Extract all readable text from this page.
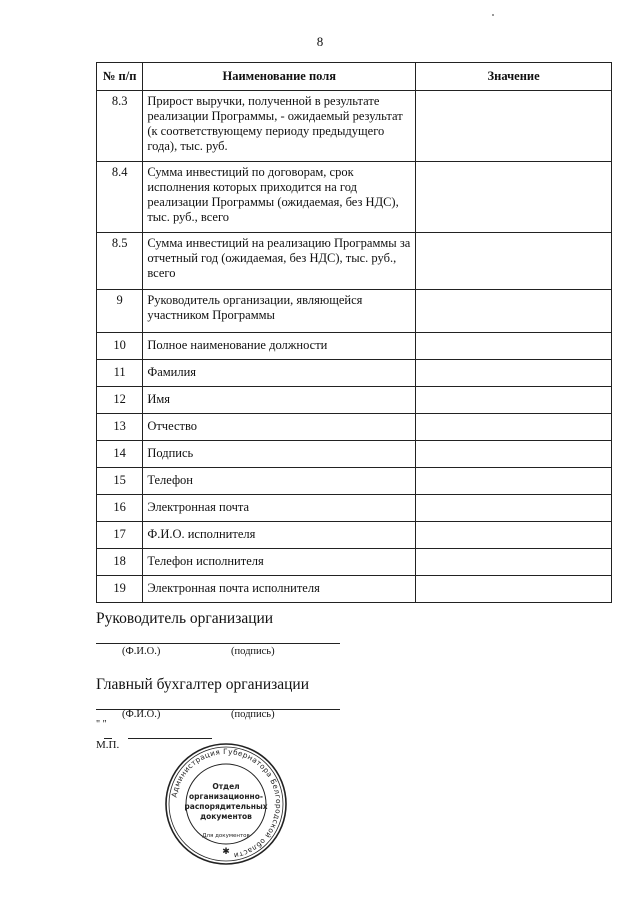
8
№ п/п	Наименование поля	Значение
8.3	Прирост выручки, полученной в результате реализации Программы, - ожидаемый результат (к соответствующему периоду предыдущего года), тыс. руб.	
8.4	Сумма инвестиций по договорам, срок исполнения которых приходится на год реализации Программы (ожидаемая, без НДС), тыс. руб., всего	
8.5	Сумма инвестиций на реализацию Программы за отчетный год (ожидаемая, без НДС), тыс. руб., всего	
9	Руководитель организации, являющейся участником Программы	
10	Полное наименование должности	
11	Фамилия	
12	Имя	
13	Отчество	
14	Подпись	
15	Телефон	
16	Электронная почта	
17	Ф.И.О. исполнителя	
18	Телефон исполнителя	
19	Электронная почта исполнителя	
Руководитель организации
(Ф.И.О.)	(подпись)
Главный бухгалтер организации
(Ф.И.О.)	(подпись)
" "
М.П.
Администрация Губернатора Белгородской области
Отдел
организационно-
распорядительных
документов
Для документов
✱
